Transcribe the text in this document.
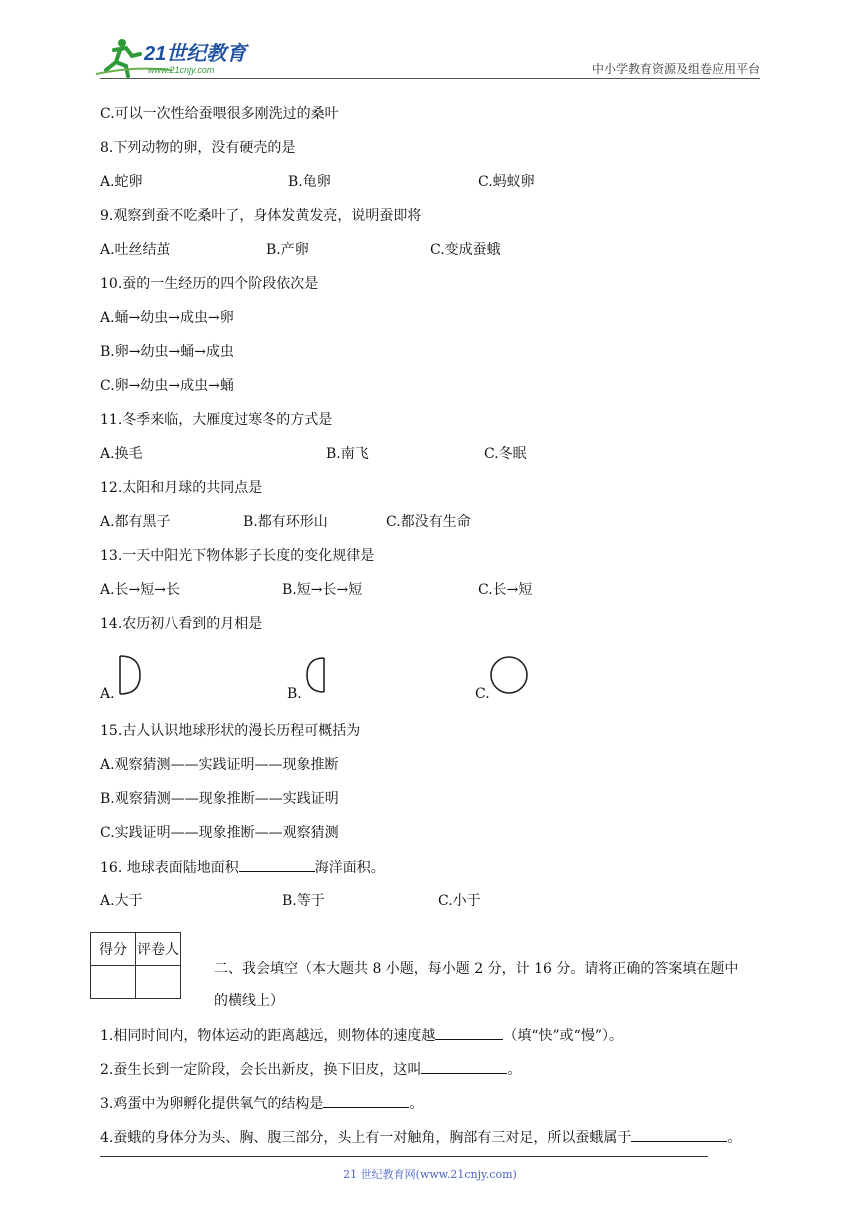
21世纪教育
www.21cnjy.com	中小学教育资源及组卷应用平台
C.可以一次性给蚕喂很多刚洗过的桑叶
8.下列动物的卵，没有硬壳的是
A.蛇卵	B.龟卵	C.蚂蚁卵
9.观察到蚕不吃桑叶了，身体发黄发亮，说明蚕即将
A.吐丝结茧	B.产卵	C.变成蚕蛾
10.蚕的一生经历的四个阶段依次是
A.蛹→幼虫→成虫→卵
B.卵→幼虫→蛹→成虫
C.卵→幼虫→成虫→蛹
11.冬季来临，大雁度过寒冬的方式是
A.换毛	B.南飞	C.冬眠
12.太阳和月球的共同点是
A.都有黑子	B.都有环形山	C.都没有生命
13.一天中阳光下物体影子长度的变化规律是
A.长→短→长	B.短→长→短	C.长→短
14.农历初八看到的月相是
A.	B.	C.
15.古人认识地球形状的漫长历程可概括为
A.观察猜测——实践证明——现象推断
B.观察猜测——现象推断——实践证明
C.实践证明——现象推断——观察猜测
16. 地球表面陆地面积	海洋面积。
A.大于	B.等于	C.小于
得分	评卷人

二、我会填空（本大题共 8 小题，每小题 2 分，计 16 分。请将正确的答案填在题中
的横线上）
1.相同时间内，物体运动的距离越远，则物体的速度越	（填“快”或“慢”）。
2.蚕生长到一定阶段，会长出新皮，换下旧皮，这叫	。
3.鸡蛋中为卵孵化提供氧气的结构是	。
4.蚕蛾的身体分为头、胸、腹三部分，头上有一对触角，胸部有三对足，所以蚕蛾属于	。
21 世纪教育网(www.21cnjy.com)
